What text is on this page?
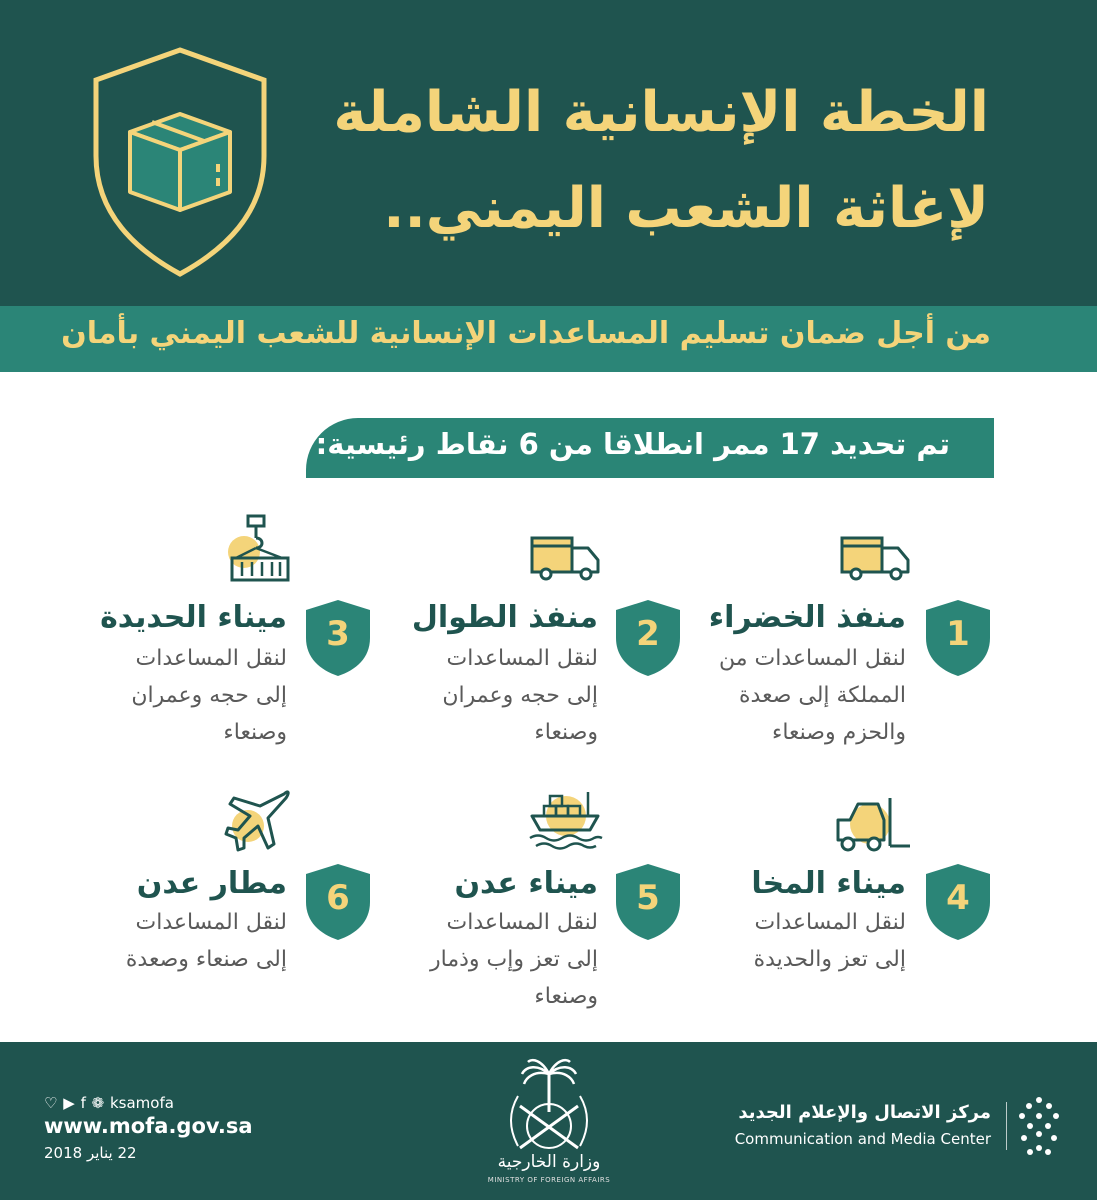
الخطة الإنسانية الشاملة
لإغاثة الشعب اليمني..
من أجل ضمان تسليم المساعدات الإنسانية للشعب اليمني بأمان
تم تحديد 17 ممر انطلاقا من 6 نقاط رئيسية:
1
منفذ الخضراء
لنقل المساعدات من
المملكة إلى صعدة
والحزم وصنعاء
2
منفذ الطوال
لنقل المساعدات
إلى حجه وعمران
وصنعاء
3
ميناء الحديدة
لنقل المساعدات
إلى حجه وعمران
وصنعاء
4
ميناء المخا
لنقل المساعدات
إلى تعز والحديدة
5
ميناء عدن
لنقل المساعدات
إلى تعز وإب وذمار
وصنعاء
6
مطار عدن
لنقل المساعدات
إلى صنعاء وصعدة
♡ ▶ f ❁ ksamofa
www.mofa.gov.sa
22 يناير 2018	وزارة الخارجية
MINISTRY OF FOREIGN AFFAIRS
مركز الاتصال والإعلام الجديد
Communication and Media Center
